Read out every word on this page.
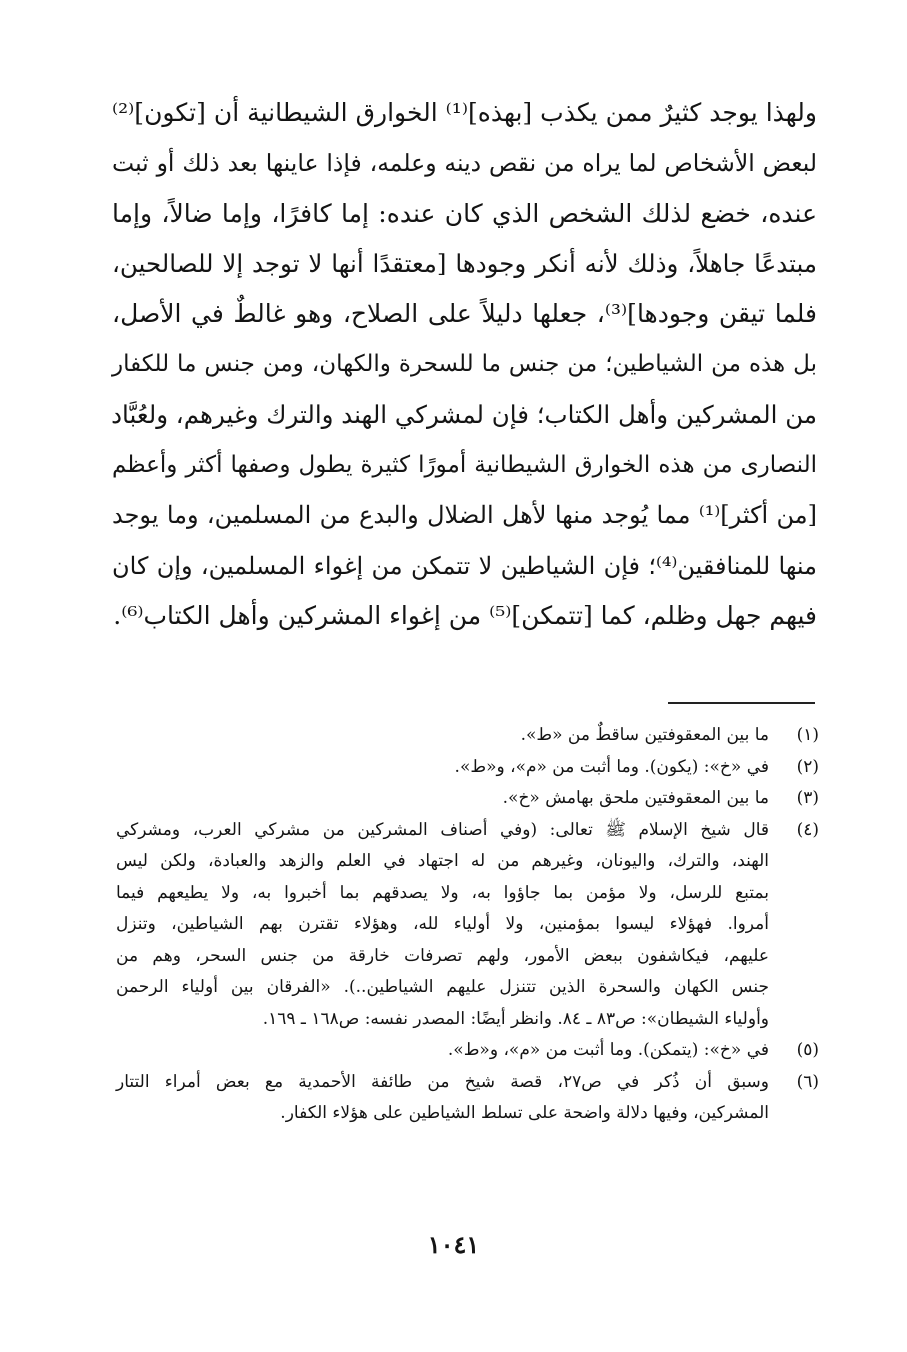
ولهذا يوجد كثيرٌ ممن يكذب [بهذه]⁽¹⁾ الخوارق الشيطانية أن [تكون]⁽²⁾
لبعض الأشخاص لما يراه من نقص دينه وعلمه، فإذا عاينها بعد ذلك أو ثبت
عنده، خضع لذلك الشخص الذي كان عنده: إما كافرًا، وإما ضالاً، وإما
مبتدعًا جاهلاً، وذلك لأنه أنكر وجودها [معتقدًا أنها لا توجد إلا للصالحين،
فلما تيقن وجودها]⁽³⁾، جعلها دليلاً على الصلاح، وهو غالطٌ في الأصل،
بل هذه من الشياطين؛ من جنس ما للسحرة والكهان، ومن جنس ما للكفار
من المشركين وأهل الكتاب؛ فإن لمشركي الهند والترك وغيرهم، ولعُبَّاد
النصارى من هذه الخوارق الشيطانية أمورًا كثيرة يطول وصفها أكثر وأعظم
[من أكثر]⁽¹⁾ مما يُوجد منها لأهل الضلال والبدع من المسلمين، وما يوجد
منها للمنافقين⁽⁴⁾؛ فإن الشياطين لا تتمكن من إغواء المسلمين، وإن كان
فيهم جهل وظلم، كما [تتمكن]⁽⁵⁾ من إغواء المشركين وأهل الكتاب⁽⁶⁾.
(١)
ما بين المعقوفتين ساقطٌ من «ط».
(٢)
في «خ»: (يكون). وما أثبت من «م»، و«ط».
(٣)
ما بين المعقوفتين ملحق بهامش «خ».
(٤)
قال شيخ الإسلام ﷺ تعالى: (وفي أصناف المشركين من مشركي العرب، ومشركي
الهند، والترك، واليونان، وغيرهم من له اجتهاد في العلم والزهد والعبادة، ولكن ليس
بمتبع للرسل، ولا مؤمن بما جاؤوا به، ولا يصدقهم بما أخبروا به، ولا يطيعهم فيما
أمروا. فهؤلاء ليسوا بمؤمنين، ولا أولياء لله، وهؤلاء تقترن بهم الشياطين، وتنزل
عليهم، فيكاشفون ببعض الأمور، ولهم تصرفات خارقة من جنس السحر، وهم من
جنس الكهان والسحرة الذين تتنزل عليهم الشياطين..). «الفرقان بين أولياء الرحمن
وأولياء الشيطان»: ص٨٣ ـ ٨٤. وانظر أيضًا: المصدر نفسه: ص١٦٨ ـ ١٦٩.
(٥)
في «خ»: (يتمكن). وما أثبت من «م»، و«ط».
(٦)
وسبق أن ذُكر في ص٢٧، قصة شيخ من طائفة الأحمدية مع بعض أمراء التتار
المشركين، وفيها دلالة واضحة على تسلط الشياطين على هؤلاء الكفار.
١٠٤١
